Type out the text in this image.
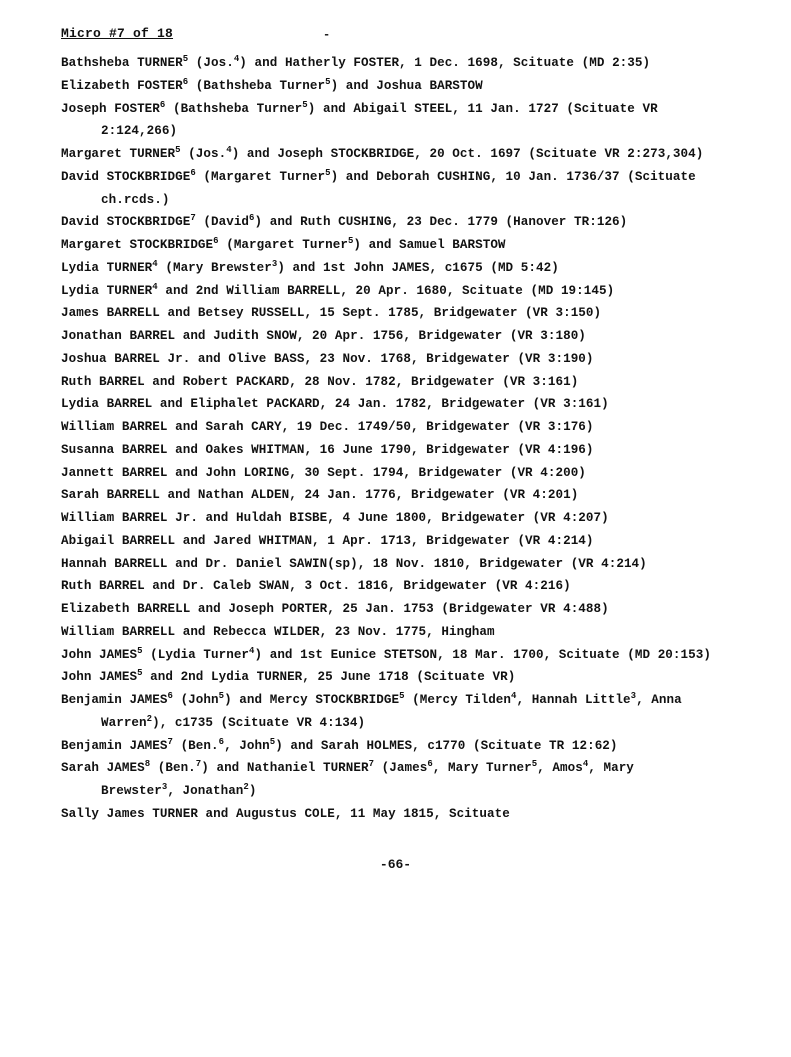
Micro #7 of 18	-
Bathsheba TURNER$^5$ (Jos.$^4$) and Hatherly FOSTER, 1 Dec. 1698, Scituate (MD 2:35)
Elizabeth FOSTER$^6$ (Bathsheba Turner$^5$) and Joshua BARSTOW
Joseph FOSTER$^6$ (Bathsheba Turner$^5$) and Abigail STEEL, 11 Jan. 1727 (Scituate VR
2:124,266)
Margaret TURNER$^5$ (Jos.$^4$) and Joseph STOCKBRIDGE, 20 Oct. 1697 (Scituate VR 2:273,304)
David STOCKBRIDGE$^6$ (Margaret Turner$^5$) and Deborah CUSHING, 10 Jan. 1736/37 (Scituate
ch.rcds.)
David STOCKBRIDGE$^7$ (David$^6$) and Ruth CUSHING, 23 Dec. 1779 (Hanover TR:126)
Margaret STOCKBRIDGE$^6$ (Margaret Turner$^5$) and Samuel BARSTOW
Lydia TURNER$^4$ (Mary Brewster$^3$) and 1st John JAMES, c1675 (MD 5:42)
Lydia TURNER$^4$ and 2nd William BARRELL, 20 Apr. 1680, Scituate (MD 19:145)
James BARRELL and Betsey RUSSELL, 15 Sept. 1785, Bridgewater (VR 3:150)
Jonathan BARREL and Judith SNOW, 20 Apr. 1756, Bridgewater (VR 3:180)
Joshua BARREL Jr. and Olive BASS, 23 Nov. 1768, Bridgewater (VR 3:190)
Ruth BARREL and Robert PACKARD, 28 Nov. 1782, Bridgewater (VR 3:161)
Lydia BARREL and Eliphalet PACKARD, 24 Jan. 1782, Bridgewater (VR 3:161)
William BARREL and Sarah CARY, 19 Dec. 1749/50, Bridgewater (VR 3:176)
Susanna BARREL and Oakes WHITMAN, 16 June 1790, Bridgewater (VR 4:196)
Jannett BARREL and John LORING, 30 Sept. 1794, Bridgewater (VR 4:200)
Sarah BARRELL and Nathan ALDEN, 24 Jan. 1776, Bridgewater (VR 4:201)
William BARREL Jr. and Huldah BISBE, 4 June 1800, Bridgewater (VR 4:207)
Abigail BARRELL and Jared WHITMAN, 1 Apr. 1713, Bridgewater (VR 4:214)
Hannah BARRELL and Dr. Daniel SAWIN(sp), 18 Nov. 1810, Bridgewater (VR 4:214)
Ruth BARREL and Dr. Caleb SWAN, 3 Oct. 1816, Bridgewater (VR 4:216)
Elizabeth BARRELL and Joseph PORTER, 25 Jan. 1753 (Bridgewater VR 4:488)
William BARRELL and Rebecca WILDER, 23 Nov. 1775, Hingham
John JAMES$^5$ (Lydia Turner$^4$) and 1st Eunice STETSON, 18 Mar. 1700, Scituate (MD 20:153)
John JAMES$^5$ and 2nd Lydia TURNER, 25 June 1718 (Scituate VR)
Benjamin JAMES$^6$ (John$^5$) and Mercy STOCKBRIDGE$^5$ (Mercy Tilden$^4$, Hannah Little$^3$, Anna
Warren$^2$), c1735 (Scituate VR 4:134)
Benjamin JAMES$^7$ (Ben.$^6$, John$^5$) and Sarah HOLMES, c1770 (Scituate TR 12:62)
Sarah JAMES$^8$ (Ben.$^7$) and Nathaniel TURNER$^7$ (James$^6$, Mary Turner$^5$, Amos$^4$, Mary
Brewster$^3$, Jonathan$^2$)
Sally James TURNER and Augustus COLE, 11 May 1815, Scituate
-66-
